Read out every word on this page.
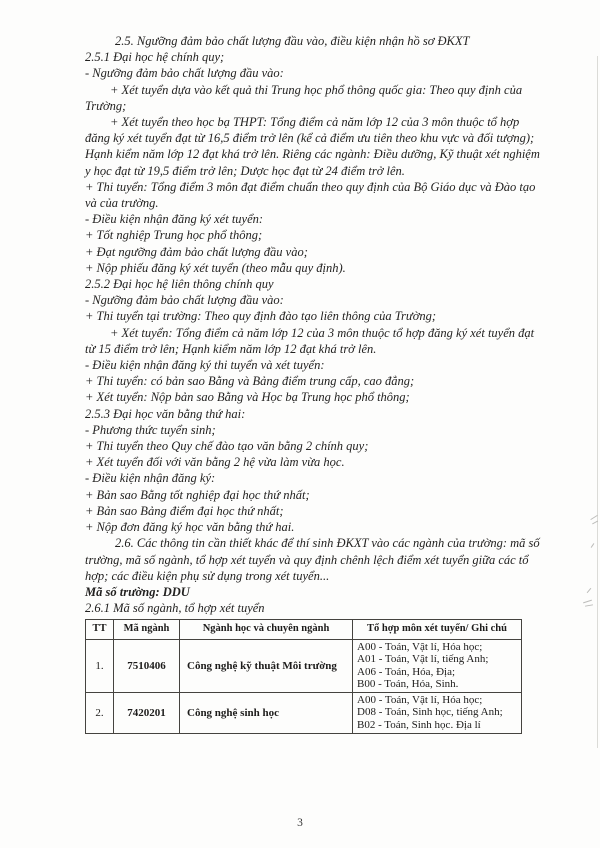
2.5. Ngưỡng đảm bảo chất lượng đầu vào, điều kiện nhận hồ sơ ĐKXT

2.5.1 Đại học hệ chính quy;

- Ngưỡng đảm bảo chất lượng đầu vào:

+ Xét tuyển dựa vào kết quả thi Trung học phổ thông quốc gia: Theo quy định của Trường;

+ Xét tuyển theo học bạ THPT: Tổng điểm cả năm lớp 12 của 3 môn thuộc tổ hợp đăng ký xét tuyển đạt từ 16,5 điểm trở lên (kể cả điểm ưu tiên theo khu vực và đối tượng); Hạnh kiểm năm lớp 12 đạt khá trở lên. Riêng các ngành: Điều dưỡng, Kỹ thuật xét nghiệm y học đạt từ 19,5 điểm trở lên; Dược học đạt từ 24 điểm trở lên.

+ Thi tuyển: Tổng điểm 3 môn đạt điểm chuẩn theo quy định của Bộ Giáo dục và Đào tạo và của trường.

- Điều kiện nhận đăng ký xét tuyển:

+ Tốt nghiệp Trung học phổ thông;

+ Đạt ngưỡng đảm bảo chất lượng đầu vào;

+ Nộp phiếu đăng ký xét tuyển (theo mẫu quy định).

2.5.2 Đại học hệ liên thông chính quy

- Ngưỡng đảm bảo chất lượng đầu vào:

+ Thi tuyển tại trường: Theo quy định đào tạo liên thông của Trường;

+ Xét tuyển: Tổng điểm cả năm lớp 12 của 3 môn thuộc tổ hợp đăng ký xét tuyển đạt từ 15 điểm trở lên; Hạnh kiểm năm lớp 12 đạt khá trở lên.

- Điều kiện nhận đăng ký thi tuyển và xét tuyển:

+ Thi tuyển: có bản sao Bằng và Bảng điểm trung cấp, cao đẳng;

+ Xét tuyển: Nộp bản sao Bằng và Học bạ Trung học phổ thông;

2.5.3 Đại học văn bằng thứ hai:

- Phương thức tuyển sinh;

+ Thi tuyển theo Quy chế đào tạo văn bằng 2 chính quy;

+ Xét tuyển đối với văn bằng 2 hệ vừa làm vừa học.

- Điều kiện nhận đăng ký:

+ Bản sao Bằng tốt nghiệp đại học thứ nhất;

+ Bản sao Bảng điểm đại học thứ nhất;

+ Nộp đơn đăng ký học văn bằng thứ hai.

2.6. Các thông tin cần thiết khác để thí sinh ĐKXT vào các ngành của trường: mã số trường, mã số ngành, tổ hợp xét tuyển và quy định chênh lệch điểm xét tuyển giữa các tổ hợp; các điều kiện phụ sử dụng trong xét tuyển...

Mã số trường: DDU

2.6.1 Mã số ngành, tổ hợp xét tuyển

TT	Mã ngành	Ngành học và chuyên ngành	Tổ hợp môn xét tuyển/ Ghi chú
1.	7510406	Công nghệ kỹ thuật Môi trường	A00 - Toán, Vật lí, Hóa học;
A01 - Toán, Vật lí, tiếng Anh;
A06 - Toán, Hóa, Địa;
B00 - Toán, Hóa, Sinh.

2.	7420201	Công nghệ sinh học	A00 - Toán, Vật lí, Hóa học;
D08 - Toán, Sinh học, tiếng Anh;
B02 - Toán, Sinh học. Địa lí
3
